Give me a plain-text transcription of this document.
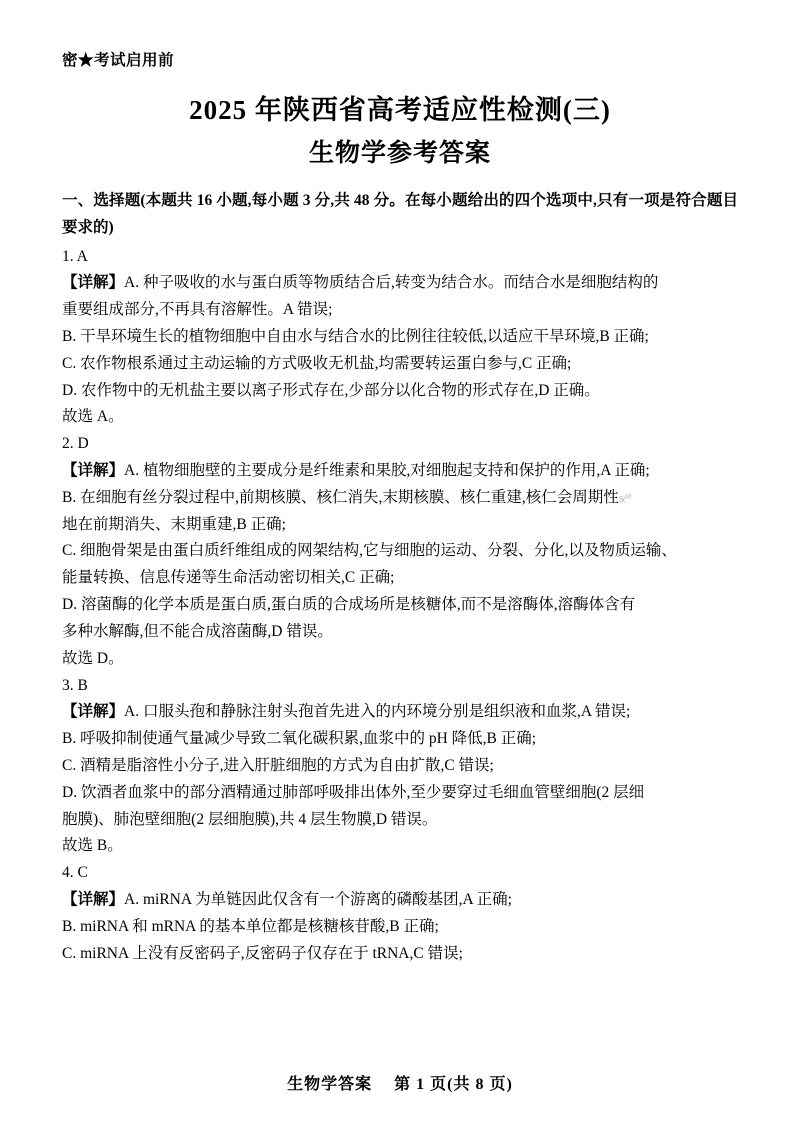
密★考试启用前
2025 年陕西省高考适应性检测(三)
生物学参考答案
一、选择题(本题共 16 小题,每小题 3 分,共 48 分。在每小题给出的四个选项中,只有一项是符合题目要求的)

1. A

【详解】A. 种子吸收的水与蛋白质等物质结合后,转变为结合水。而结合水是细胞结构的

重要组成部分,不再具有溶解性。A 错误;

B. 干旱环境生长的植物细胞中自由水与结合水的比例往往较低,以适应干旱环境,B 正确;

C. 农作物根系通过主动运输的方式吸收无机盐,均需要转运蛋白参与,C 正确;

D. 农作物中的无机盐主要以离子形式存在,少部分以化合物的形式存在,D 正确。

故选 A。

2. D

【详解】A. 植物细胞壁的主要成分是纤维素和果胶,对细胞起支持和保护的作用,A 正确;

B. 在细胞有丝分裂过程中,前期核膜、核仁消失,末期核膜、核仁重建,核仁会周期性ѕ₍ⁿ⁾

地在前期消失、末期重建,B 正确;

C. 细胞骨架是由蛋白质纤维组成的网架结构,它与细胞的运动、分裂、分化,以及物质运输、

能量转换、信息传递等生命活动密切相关,C 正确;

D. 溶菌酶的化学本质是蛋白质,蛋白质的合成场所是核糖体,而不是溶酶体,溶酶体含有

多种水解酶,但不能合成溶菌酶,D 错误。

故选 D。

3. B

【详解】A. 口服头孢和静脉注射头孢首先进入的内环境分别是组织液和血浆,A 错误;

B. 呼吸抑制使通气量减少导致二氧化碳积累,血浆中的 pH 降低,B 正确;

C. 酒精是脂溶性小分子,进入肝脏细胞的方式为自由扩散,C 错误;

D. 饮酒者血浆中的部分酒精通过肺部呼吸排出体外,至少要穿过毛细血管壁细胞(2 层细

胞膜)、肺泡壁细胞(2 层细胞膜),共 4 层生物膜,D 错误。

故选 B。

4. C

【详解】A. miRNA 为单链因此仅含有一个游离的磷酸基团,A 正确;

B. miRNA 和 mRNA 的基本单位都是核糖核苷酸,B 正确;

C. miRNA 上没有反密码子,反密码子仅存在于 tRNA,C 错误;

生物学答案 第 1 页(共 8 页)
